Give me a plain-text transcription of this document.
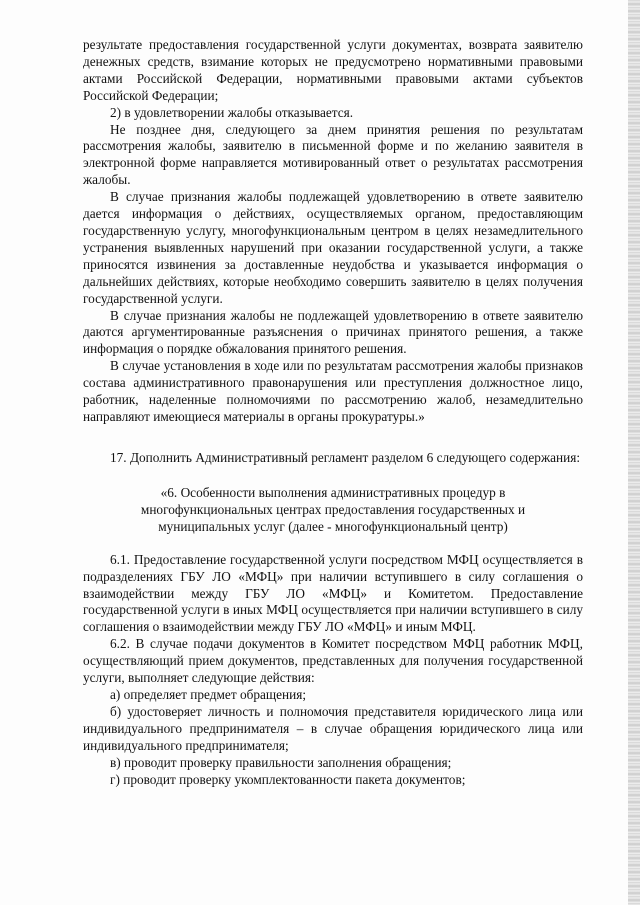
результате предоставления государственной услуги документах, возврата заявителю денежных средств, взимание которых не предусмотрено нормативными правовыми актами Российской Федерации, нормативными правовыми актами субъектов Российской Федерации;

2) в удовлетворении жалобы отказывается.

Не позднее дня, следующего за днем принятия решения по результатам рассмотрения жалобы, заявителю в письменной форме и по желанию заявителя в электронной форме направляется мотивированный ответ о результатах рассмотрения жалобы.

В случае признания жалобы подлежащей удовлетворению в ответе заявителю дается информация о действиях, осуществляемых органом, предоставляющим государственную услугу, многофункциональным центром в целях незамедлительного устранения выявленных нарушений при оказании государственной услуги, а также приносятся извинения за доставленные неудобства и указывается информация о дальнейших действиях, которые необходимо совершить заявителю в целях получения государственной услуги.

В случае признания жалобы не подлежащей удовлетворению в ответе заявителю даются аргументированные разъяснения о причинах принятого решения, а также информация о порядке обжалования принятого решения.

В случае установления в ходе или по результатам рассмотрения жалобы признаков состава административного правонарушения или преступления должностное лицо, работник, наделенные полномочиями по рассмотрению жалоб, незамедлительно направляют имеющиеся материалы в органы прокуратуры.»

17. Дополнить Административный регламент разделом 6 следующего содержания:

«6. Особенности выполнения административных процедур в многофункциональных центрах предоставления государственных и муниципальных услуг (далее - многофункциональный центр)

6.1. Предоставление государственной услуги посредством МФЦ осуществляется в подразделениях ГБУ ЛО «МФЦ» при наличии вступившего в силу соглашения о взаимодействии между ГБУ ЛО «МФЦ» и Комитетом. Предоставление государственной услуги в иных МФЦ осуществляется при наличии вступившего в силу соглашения о взаимодействии между ГБУ ЛО «МФЦ» и иным МФЦ.

6.2. В случае подачи документов в Комитет посредством МФЦ работник МФЦ, осуществляющий прием документов, представленных для получения государственной услуги, выполняет следующие действия:

а) определяет предмет обращения;

б) удостоверяет личность и полномочия представителя юридического лица или индивидуального предпринимателя – в случае обращения юридического лица или индивидуального предпринимателя;

в) проводит проверку правильности заполнения обращения;

г) проводит проверку укомплектованности пакета документов;
